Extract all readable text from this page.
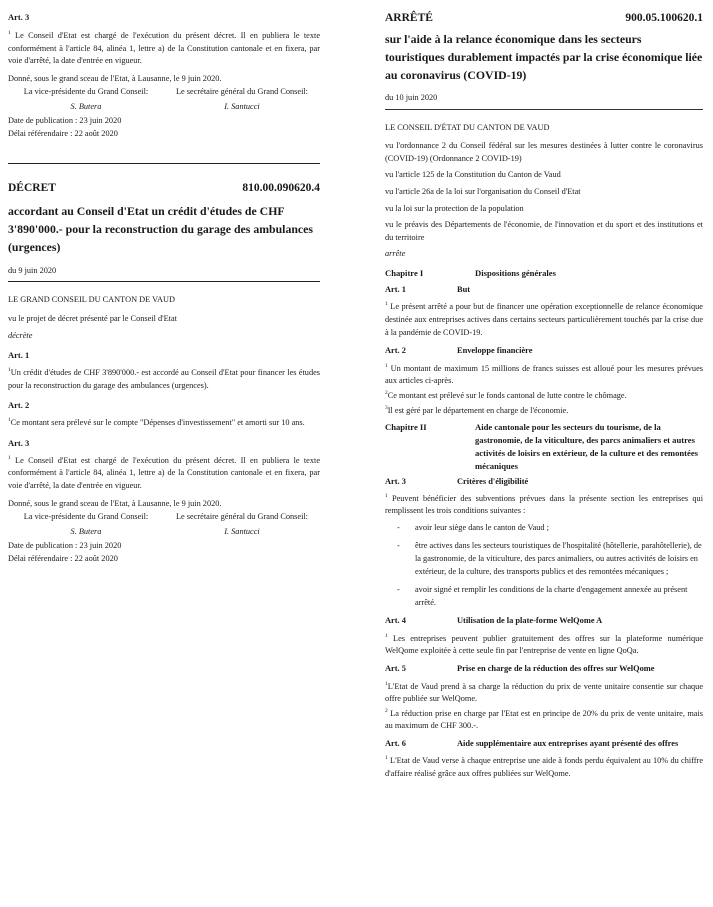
Art. 3

$^1$ Le Conseil d'Etat est chargé de l'exécution du présent décret. Il en publiera le texte conformément à l'article 84, alinéa 1, lettre a) de la Constitution cantonale et en fixera, par voie d'arrêté, la date d'entrée en vigueur.

Donné, sous le grand sceau de l'Etat, à Lausanne, le 9 juin 2020.

La vice-présidente du Grand Conseil:	Le secrétaire général du Grand Conseil:
S. Butera	I. Santucci

Date de publication : 23 juin 2020

Délai référendaire : 22 août 2020

DÉCRET	810.00.090620.4

accordant au Conseil d'Etat un crédit d'études de CHF 3'890'000.- pour la reconstruction du garage des ambulances (urgences)

du 9 juin 2020

LE GRAND CONSEIL DU CANTON DE VAUD

vu le projet de décret présenté par le Conseil d'Etat

décrète

Art. 1

$^1$Un crédit d'études de CHF 3'890'000.- est accordé au Conseil d'Etat pour financer les études pour la reconstruction du garage des ambulances (urgences).

Art. 2

$^1$Ce montant sera prélevé sur le compte "Dépenses d'investissement" et amorti sur 10 ans.

Art. 3

$^1$ Le Conseil d'Etat est chargé de l'exécution du présent décret. Il en publiera le texte conformément à l'article 84, alinéa 1, lettre a) de la Constitution cantonale et en fixera, par voie d'arrêté, la date d'entrée en vigueur.

Donné, sous le grand sceau de l'Etat, à Lausanne, le 9 juin 2020.

La vice-présidente du Grand Conseil:	Le secrétaire général du Grand Conseil:
S. Butera	I. Santucci

Date de publication : 23 juin 2020

Délai référendaire : 22 août 2020

ARRÊTÉ	900.05.100620.1

sur l'aide à la relance économique dans les secteurs touristiques durablement impactés par la crise économique liée au coronavirus (COVID-19)

du 10 juin 2020

LE CONSEIL D'ÉTAT DU CANTON DE VAUD

vu l'ordonnance 2 du Conseil fédéral sur les mesures destinées à lutter contre le coronavirus (COVID-19) (Ordonnance 2 COVID-19)

vu l'article 125 de la Constitution du Canton de Vaud

vu l'article 26a de la loi sur l'organisation du Conseil d'Etat

vu la loi sur la protection de la population

vu le préavis des Départements de l'économie, de l'innovation et du sport et des institutions et du territoire

arrête

Chapitre I	Dispositions générales
Art. 1	But

$^1$ Le présent arrêté a pour but de financer une opération exceptionnelle de relance économique destinée aux entreprises actives dans certains secteurs particulièrement touchés par la crise due à la pandémie de COVID-19.

Art. 2	Enveloppe financière

$^1$ Un montant de maximum 15 millions de francs suisses est alloué pour les mesures prévues aux articles ci-après.

$^2$Ce montant est prélevé sur le fonds cantonal de lutte contre le chômage.

$^3$Il est géré par le département en charge de l'économie.

Chapitre II	Aide cantonale pour les secteurs du tourisme, de la gastronomie, de la viticulture, des parcs animaliers et autres activités de loisirs en extérieur, de la culture et des remontées mécaniques
Art. 3	Critères d'éligibilité

$^1$ Peuvent bénéficier des subventions prévues dans la présente section les entreprises qui remplissent les trois conditions suivantes :

-	avoir leur siège dans le canton de Vaud ;
-	être actives dans les secteurs touristiques de l'hospitalité (hôtellerie, parahôtellerie), de la gastronomie, de la viticulture, des parcs animaliers, ou autres activités de loisirs en extérieur, de la culture, des transports publics et des remontées mécaniques ;
-	avoir signé et remplir les conditions de la charte d'engagement annexée au présent arrêté.
Art. 4	Utilisation de la plate-forme WelQome A

$^1$ Les entreprises peuvent publier gratuitement des offres sur la plateforme numérique WelQome exploitée à cette seule fin par l'entreprise de vente en ligne QoQa.

Art. 5	Prise en charge de la réduction des offres sur WelQome

$^1$L'Etat de Vaud prend à sa charge la réduction du prix de vente unitaire consentie sur chaque offre publiée sur WelQome.

$^2$ La réduction prise en charge par l'Etat est en principe de 20% du prix de vente unitaire, mais au maximum de CHF 300.-.

Art. 6	Aide supplémentaire aux entreprises ayant présenté des offres

$^1$ L'Etat de Vaud verse à chaque entreprise une aide à fonds perdu équivalent au 10% du chiffre d'affaire réalisé grâce aux offres publiées sur WelQome.
